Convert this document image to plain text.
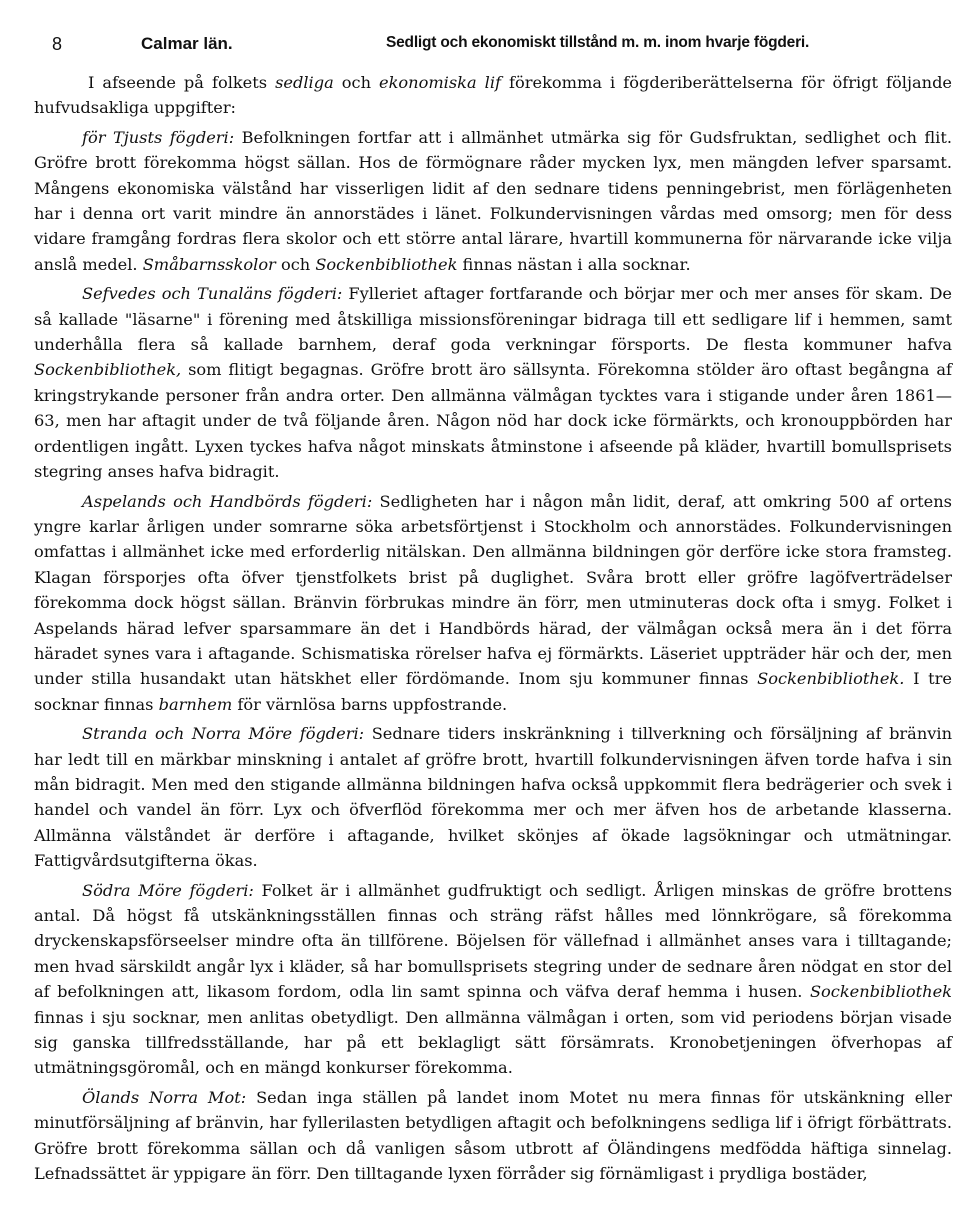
8	Calmar län.	Sedligt och ekonomiskt tillstånd m. m. inom hvarje fögderi.

I afseende på folkets sedliga och ekonomiska lif förekomma i fögderiberättelserna för öfrigt följande hufvudsakliga uppgifter:

för Tjusts fögderi: Befolkningen fortfar att i allmänhet utmärka sig för Gudsfruktan, sedlighet och flit. Gröfre brott förekomma högst sällan. Hos de förmögnare råder mycken lyx, men mängden lefver sparsamt. Mångens ekonomiska välstånd har visserligen lidit af den sednare tidens penningebrist, men förlägenheten har i denna ort varit mindre än annorstädes i länet. Folkundervisningen vårdas med omsorg; men för dess vidare framgång fordras flera skolor och ett större antal lärare, hvartill kommunerna för närvarande icke vilja anslå medel. Småbarnsskolor och Sockenbibliothek finnas nästan i alla socknar.

Sefvedes och Tunaläns fögderi: Fylleriet aftager fortfarande och börjar mer och mer anses för skam. De så kallade "läsarne" i förening med åtskilliga missionsföreningar bidraga till ett sedligare lif i hemmen, samt underhålla flera så kallade barnhem, deraf goda verkningar försports. De flesta kommuner hafva Sockenbibliothek, som flitigt begagnas. Gröfre brott äro sällsynta. Förekomna stölder äro oftast begångna af kringstrykande personer från andra orter. Den allmänna välmågan tycktes vara i stigande under åren 1861—63, men har aftagit under de två följande åren. Någon nöd har dock icke förmärkts, och kronouppbörden har ordentligen ingått. Lyxen tyckes hafva något minskats åtminstone i afseende på kläder, hvartill bomullsprisets stegring anses hafva bidragit.

Aspelands och Handbörds fögderi: Sedligheten har i någon mån lidit, deraf, att omkring 500 af ortens yngre karlar årligen under somrarne söka arbetsförtjenst i Stockholm och annorstädes. Folkundervisningen omfattas i allmänhet icke med erforderlig nitälskan. Den allmänna bildningen gör derföre icke stora framsteg. Klagan försporjes ofta öfver tjenstfolkets brist på duglighet. Svåra brott eller gröfre lagöfverträdelser förekomma dock högst sällan. Bränvin förbrukas mindre än förr, men utminuteras dock ofta i smyg. Folket i Aspelands härad lefver sparsammare än det i Handbörds härad, der välmågan också mera än i det förra häradet synes vara i aftagande. Schismatiska rörelser hafva ej förmärkts. Läseriet uppträder här och der, men under stilla husandakt utan hätskhet eller fördömande. Inom sju kommuner finnas Sockenbibliothek. I tre socknar finnas barnhem för värnlösa barns uppfostrande.

Stranda och Norra Möre fögderi: Sednare tiders inskränkning i tillverkning och försäljning af bränvin har ledt till en märkbar minskning i antalet af gröfre brott, hvartill folkundervisningen äfven torde hafva i sin mån bidragit. Men med den stigande allmänna bildningen hafva också uppkommit flera bedrägerier och svek i handel och vandel än förr. Lyx och öfverflöd förekomma mer och mer äfven hos de arbetande klasserna. Allmänna välståndet är derföre i aftagande, hvilket skönjes af ökade lagsökningar och utmätningar. Fattigvårdsutgifterna ökas.

Södra Möre fögderi: Folket är i allmänhet gudfruktigt och sedligt. Årligen minskas de gröfre brottens antal. Då högst få utskänkningsställen finnas och sträng räfst hålles med lönnkrögare, så förekomma dryckenskapsförseelser mindre ofta än tillförene. Böjelsen för vällefnad i allmänhet anses vara i tilltagande; men hvad särskildt angår lyx i kläder, så har bomullsprisets stegring under de sednare åren nödgat en stor del af befolkningen att, likasom fordom, odla lin samt spinna och väfva deraf hemma i husen. Sockenbibliothek finnas i sju socknar, men anlitas obetydligt. Den allmänna välmågan i orten, som vid periodens början visade sig ganska tillfredsställande, har på ett beklagligt sätt försämrats. Kronobetjeningen öfverhopas af utmätningsgöromål, och en mängd konkurser förekomma.

Ölands Norra Mot: Sedan inga ställen på landet inom Motet nu mera finnas för utskänkning eller minutförsäljning af bränvin, har fyllerilasten betydligen aftagit och befolkningens sedliga lif i öfrigt förbättrats. Gröfre brott förekomma sällan och då vanligen såsom utbrott af Öländingens medfödda häftiga sinnelag. Lefnadssättet är yppigare än förr. Den tilltagande lyxen förråder sig förnämligast i prydliga bostäder,
